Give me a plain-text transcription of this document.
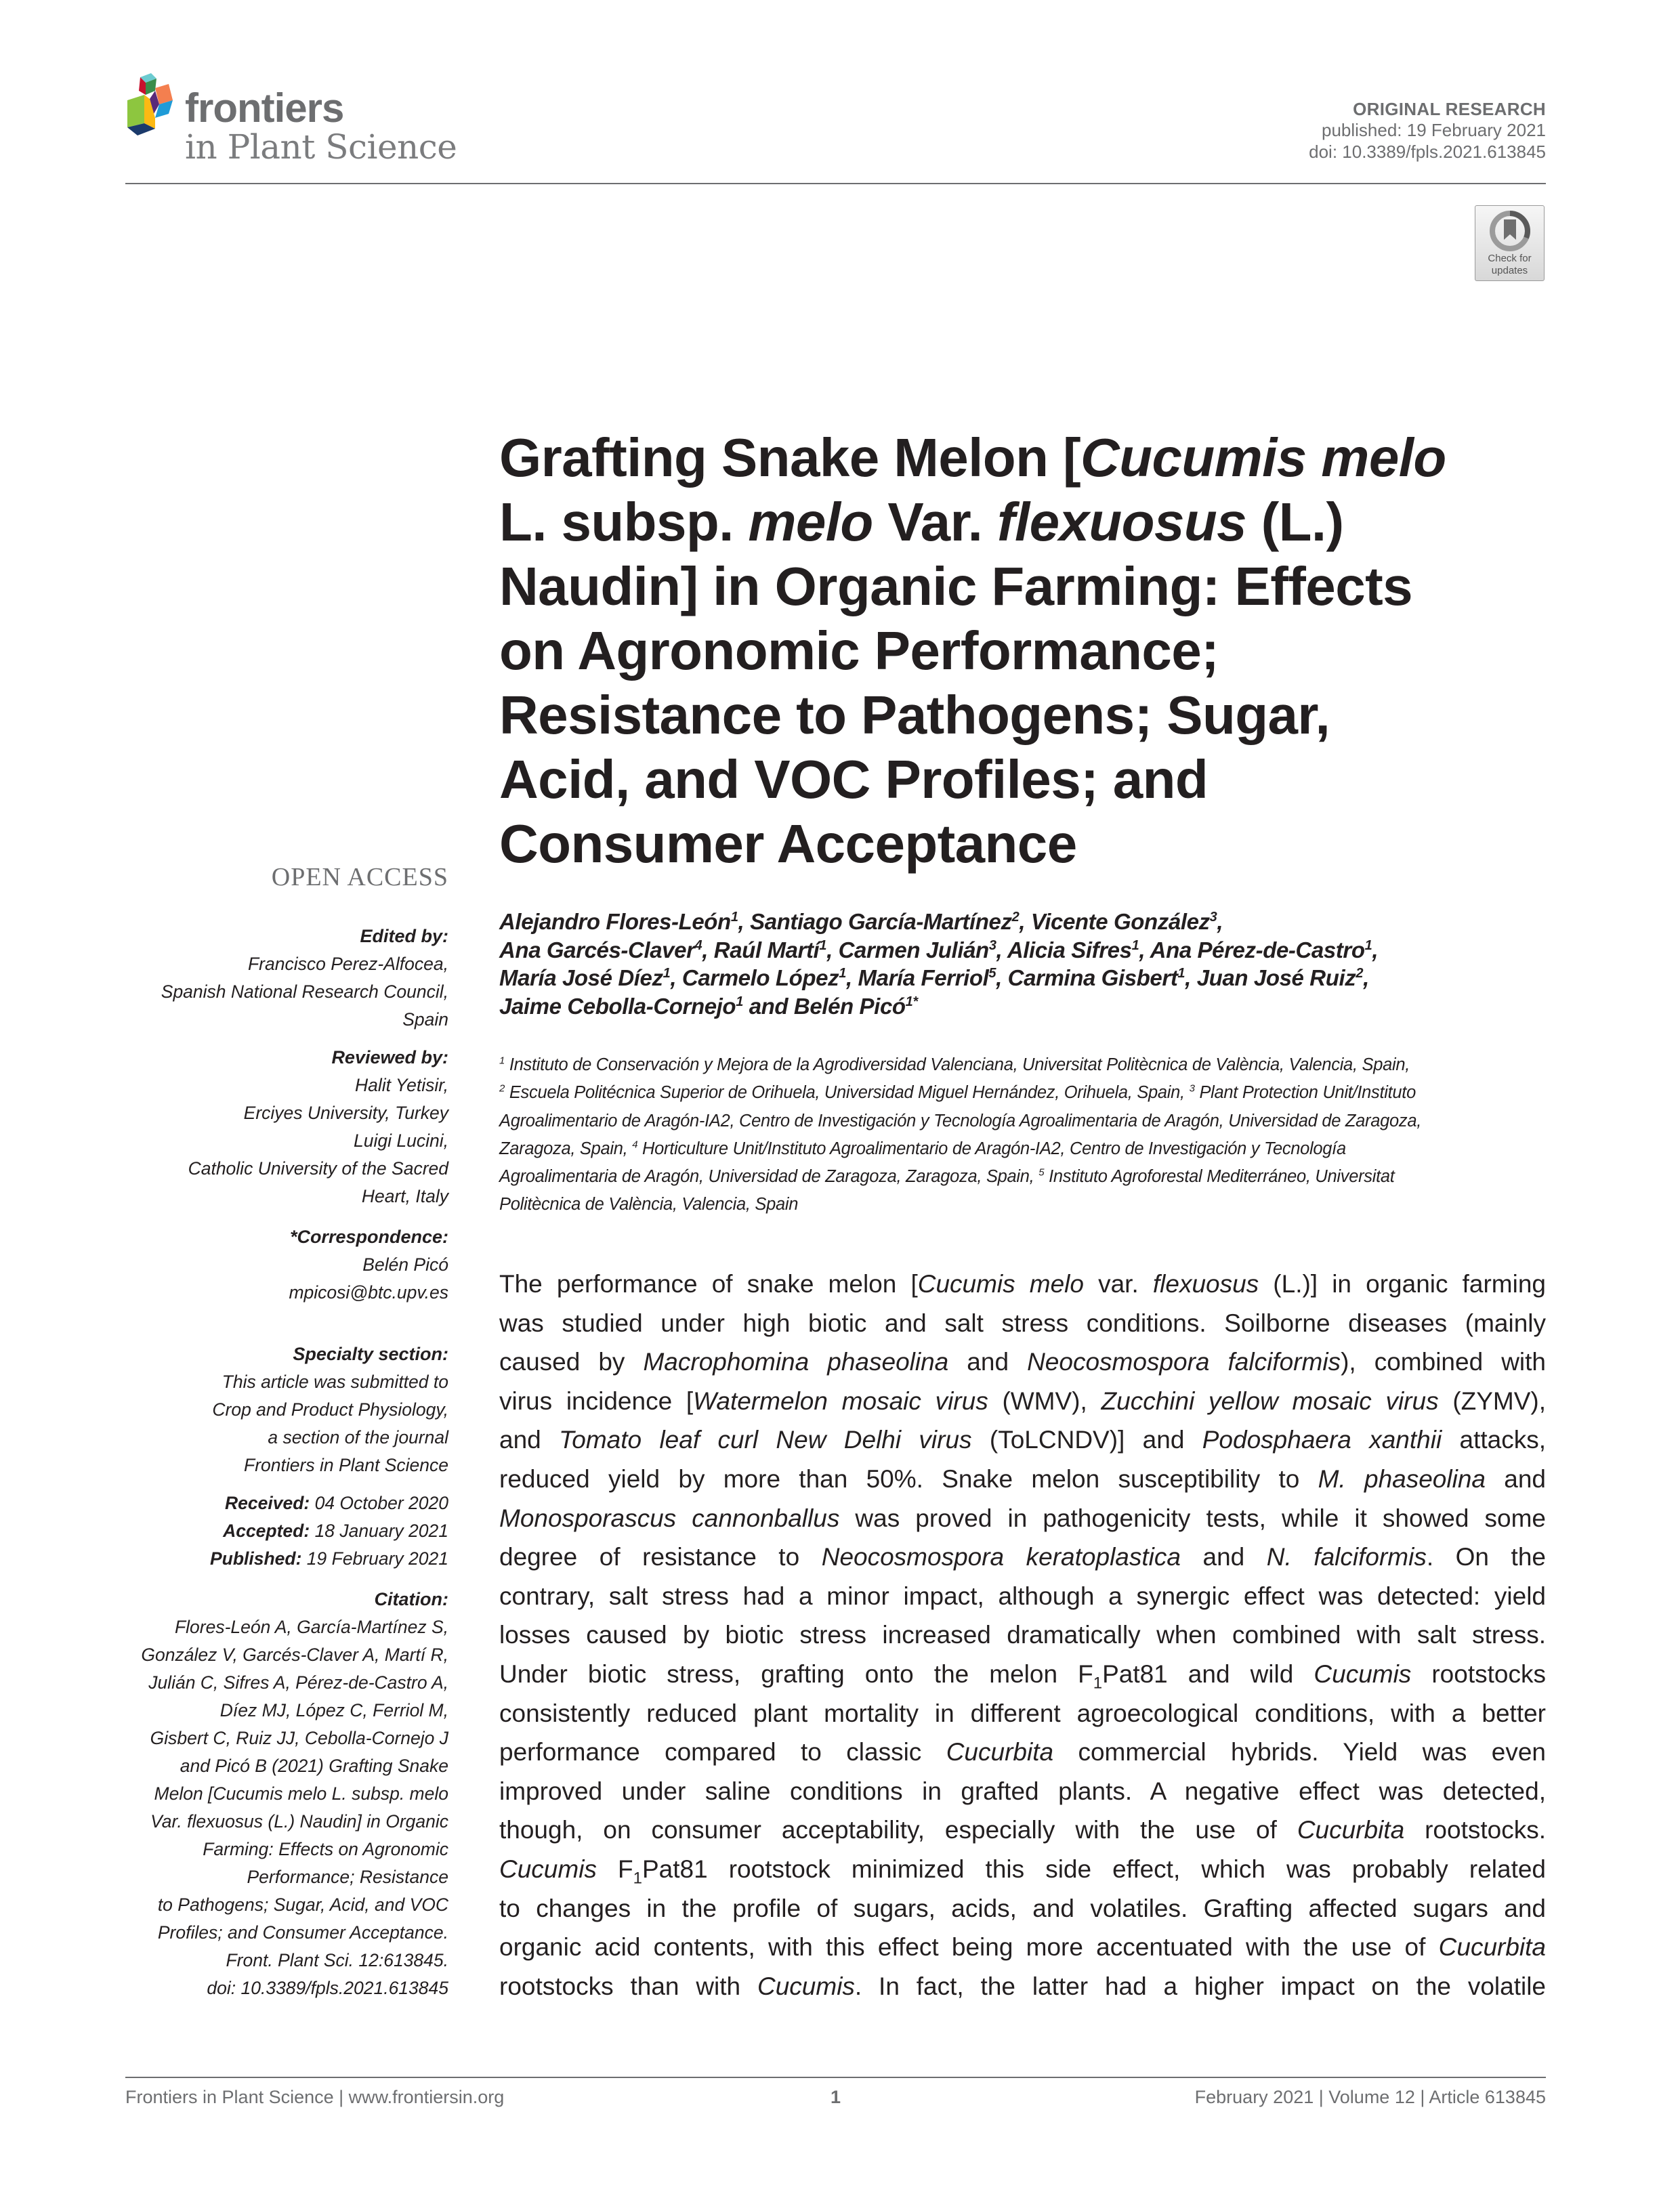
frontiers
in Plant Science
ORIGINAL RESEARCH
published: 19 February 2021
doi: 10.3389/fpls.2021.613845
Check for
updates
Grafting Snake Melon [Cucumis melo
L. subsp. melo Var. flexuosus (L.)
Naudin] in Organic Farming: Effects
on Agronomic Performance;
Resistance to Pathogens; Sugar,
Acid, and VOC Profiles; and
Consumer Acceptance
OPEN ACCESS
Edited by:
Francisco Perez-Alfocea,
Spanish National Research Council,
Spain
Reviewed by:
Halit Yetisir,
Erciyes University, Turkey
Luigi Lucini,
Catholic University of the Sacred
Heart, Italy
*Correspondence:
Belén Picó
mpicosi@btc.upv.es
Specialty section:
This article was submitted to
Crop and Product Physiology,
a section of the journal
Frontiers in Plant Science
Received: 04 October 2020
Accepted: 18 January 2021
Published: 19 February 2021
Citation:
Flores-León A, García-Martínez S,
González V, Garcés-Claver A, Martí R,
Julián C, Sifres A, Pérez-de-Castro A,
Díez MJ, López C, Ferriol M,
Gisbert C, Ruiz JJ, Cebolla-Cornejo J
and Picó B (2021) Grafting Snake
Melon [Cucumis melo L. subsp. melo
Var. flexuosus (L.) Naudin] in Organic
Farming: Effects on Agronomic
Performance; Resistance
to Pathogens; Sugar, Acid, and VOC
Profiles; and Consumer Acceptance.
Front. Plant Sci. 12:613845.
doi: 10.3389/fpls.2021.613845
Alejandro Flores-León$^1$, Santiago García-Martínez$^2$, Vicente González$^3$,
Ana Garcés-Claver$^4$, Raúl Martí$^1$, Carmen Julián$^3$, Alicia Sifres$^1$, Ana Pérez-de-Castro$^1$,
María José Díez$^1$, Carmelo López$^1$, María Ferriol$^5$, Carmina Gisbert$^1$, Juan José Ruiz$^2$,
Jaime Cebolla-Cornejo$^1$ and Belén Picó$^{1*}$
$^1$ Instituto de Conservación y Mejora de la Agrodiversidad Valenciana, Universitat Politècnica de València, Valencia, Spain,
$^2$ Escuela Politécnica Superior de Orihuela, Universidad Miguel Hernández, Orihuela, Spain, $^3$ Plant Protection Unit/Instituto
Agroalimentario de Aragón-IA2, Centro de Investigación y Tecnología Agroalimentaria de Aragón, Universidad de Zaragoza,
Zaragoza, Spain, $^4$ Horticulture Unit/Instituto Agroalimentario de Aragón-IA2, Centro de Investigación y Tecnología
Agroalimentaria de Aragón, Universidad de Zaragoza, Zaragoza, Spain, $^5$ Instituto Agroforestal Mediterráneo, Universitat
Politècnica de València, Valencia, Spain
The performance of snake melon [Cucumis melo var. flexuosus (L.)] in organic farming
was studied under high biotic and salt stress conditions. Soilborne diseases (mainly
caused by Macrophomina phaseolina and Neocosmospora falciformis), combined with
virus incidence [Watermelon mosaic virus (WMV), Zucchini yellow mosaic virus (ZYMV),
and Tomato leaf curl New Delhi virus (ToLCNDV)] and Podosphaera xanthii attacks,
reduced yield by more than 50%. Snake melon susceptibility to M. phaseolina and
Monosporascus cannonballus was proved in pathogenicity tests, while it showed some
degree of resistance to Neocosmospora keratoplastica and N. falciformis. On the
contrary, salt stress had a minor impact, although a synergic effect was detected: yield
losses caused by biotic stress increased dramatically when combined with salt stress.
Under biotic stress, grafting onto the melon $F_1Pat81$ and wild Cucumis rootstocks
consistently reduced plant mortality in different agroecological conditions, with a better
performance compared to classic Cucurbita commercial hybrids. Yield was even
improved under saline conditions in grafted plants. A negative effect was detected,
though, on consumer acceptability, especially with the use of Cucurbita rootstocks.
Cucumis $F_1Pat81$ rootstock minimized this side effect, which was probably related
to changes in the profile of sugars, acids, and volatiles. Grafting affected sugars and
organic acid contents, with this effect being more accentuated with the use of Cucurbita
rootstocks than with Cucumis. In fact, the latter had a higher impact on the volatile
Frontiers in Plant Science | www.frontiersin.org	1	February 2021 | Volume 12 | Article 613845
